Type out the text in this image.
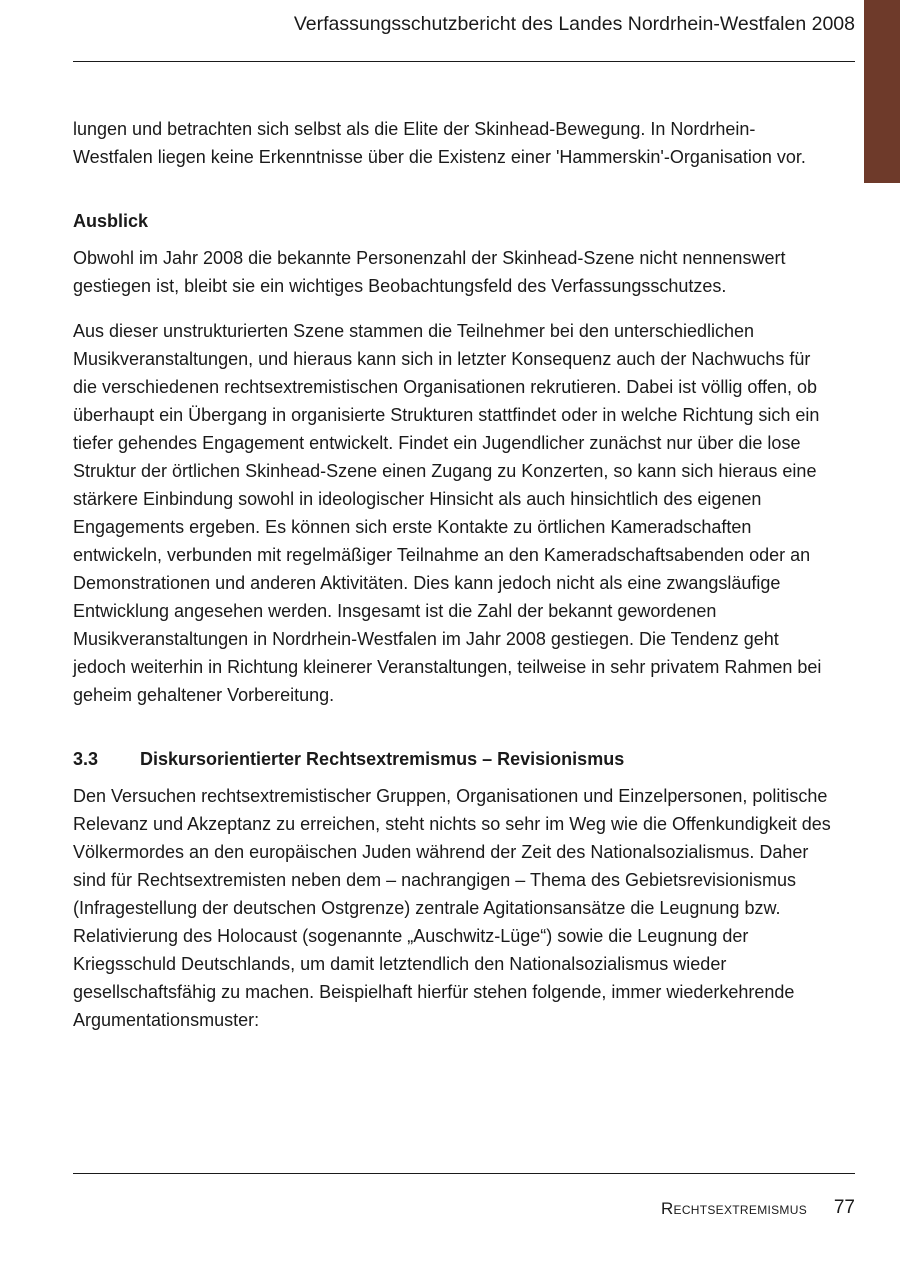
Verfassungsschutzbericht des Landes Nordrhein-Westfalen 2008

lungen und betrachten sich selbst als die Elite der Skinhead-Bewegung. In Nordrhein-Westfalen liegen keine Erkenntnisse über die Existenz einer 'Hammerskin'-Organisation vor.

Ausblick

Obwohl im Jahr 2008 die bekannte Personenzahl der Skinhead-Szene nicht nennenswert gestiegen ist, bleibt sie ein wichtiges Beobachtungsfeld des Verfassungsschutzes.

Aus dieser unstrukturierten Szene stammen die Teilnehmer bei den unterschiedlichen Musikveranstaltungen, und hieraus kann sich in letzter Konsequenz auch der Nachwuchs für die verschiedenen rechtsextremistischen Organisationen rekrutieren. Dabei ist völlig offen, ob überhaupt ein Übergang in organisierte Strukturen stattfindet oder in welche Richtung sich ein tiefer gehendes Engagement entwickelt. Findet ein Jugendlicher zunächst nur über die lose Struktur der örtlichen Skinhead-Szene einen Zugang zu Konzerten, so kann sich hieraus eine stärkere Einbindung sowohl in ideologischer Hinsicht als auch hinsichtlich des eigenen Engagements ergeben. Es können sich erste Kontakte zu örtlichen Kameradschaften entwickeln, verbunden mit regelmäßiger Teilnahme an den Kameradschaftsabenden oder an Demonstrationen und anderen Aktivitäten. Dies kann jedoch nicht als eine zwangsläufige Entwicklung angesehen werden. Insgesamt ist die Zahl der bekannt gewordenen Musikveranstaltungen in Nordrhein-Westfalen im Jahr 2008 gestiegen. Die Tendenz geht jedoch weiterhin in Richtung kleinerer Veranstaltungen, teilweise in sehr privatem Rahmen bei geheim gehaltener Vorbereitung.

3.3	Diskursorientierter Rechtsextremismus – Revisionismus

Den Versuchen rechtsextremistischer Gruppen, Organisationen und Einzelpersonen, politische Relevanz und Akzeptanz zu erreichen, steht nichts so sehr im Weg wie die Offenkundigkeit des Völkermordes an den europäischen Juden während der Zeit des Nationalsozialismus. Daher sind für Rechtsextremisten neben dem – nachrangigen – Thema des Gebietsrevisionismus (Infragestellung der deutschen Ostgrenze) zentrale Agitationsansätze die Leugnung bzw. Relativierung des Holocaust (sogenannte „Auschwitz-Lüge“) sowie die Leugnung der Kriegsschuld Deutschlands, um damit letztendlich den Nationalsozialismus wieder gesellschaftsfähig zu machen. Beispielhaft hierfür stehen folgende, immer wiederkehrende Argumentationsmuster:

Rechtsextremismus 77
